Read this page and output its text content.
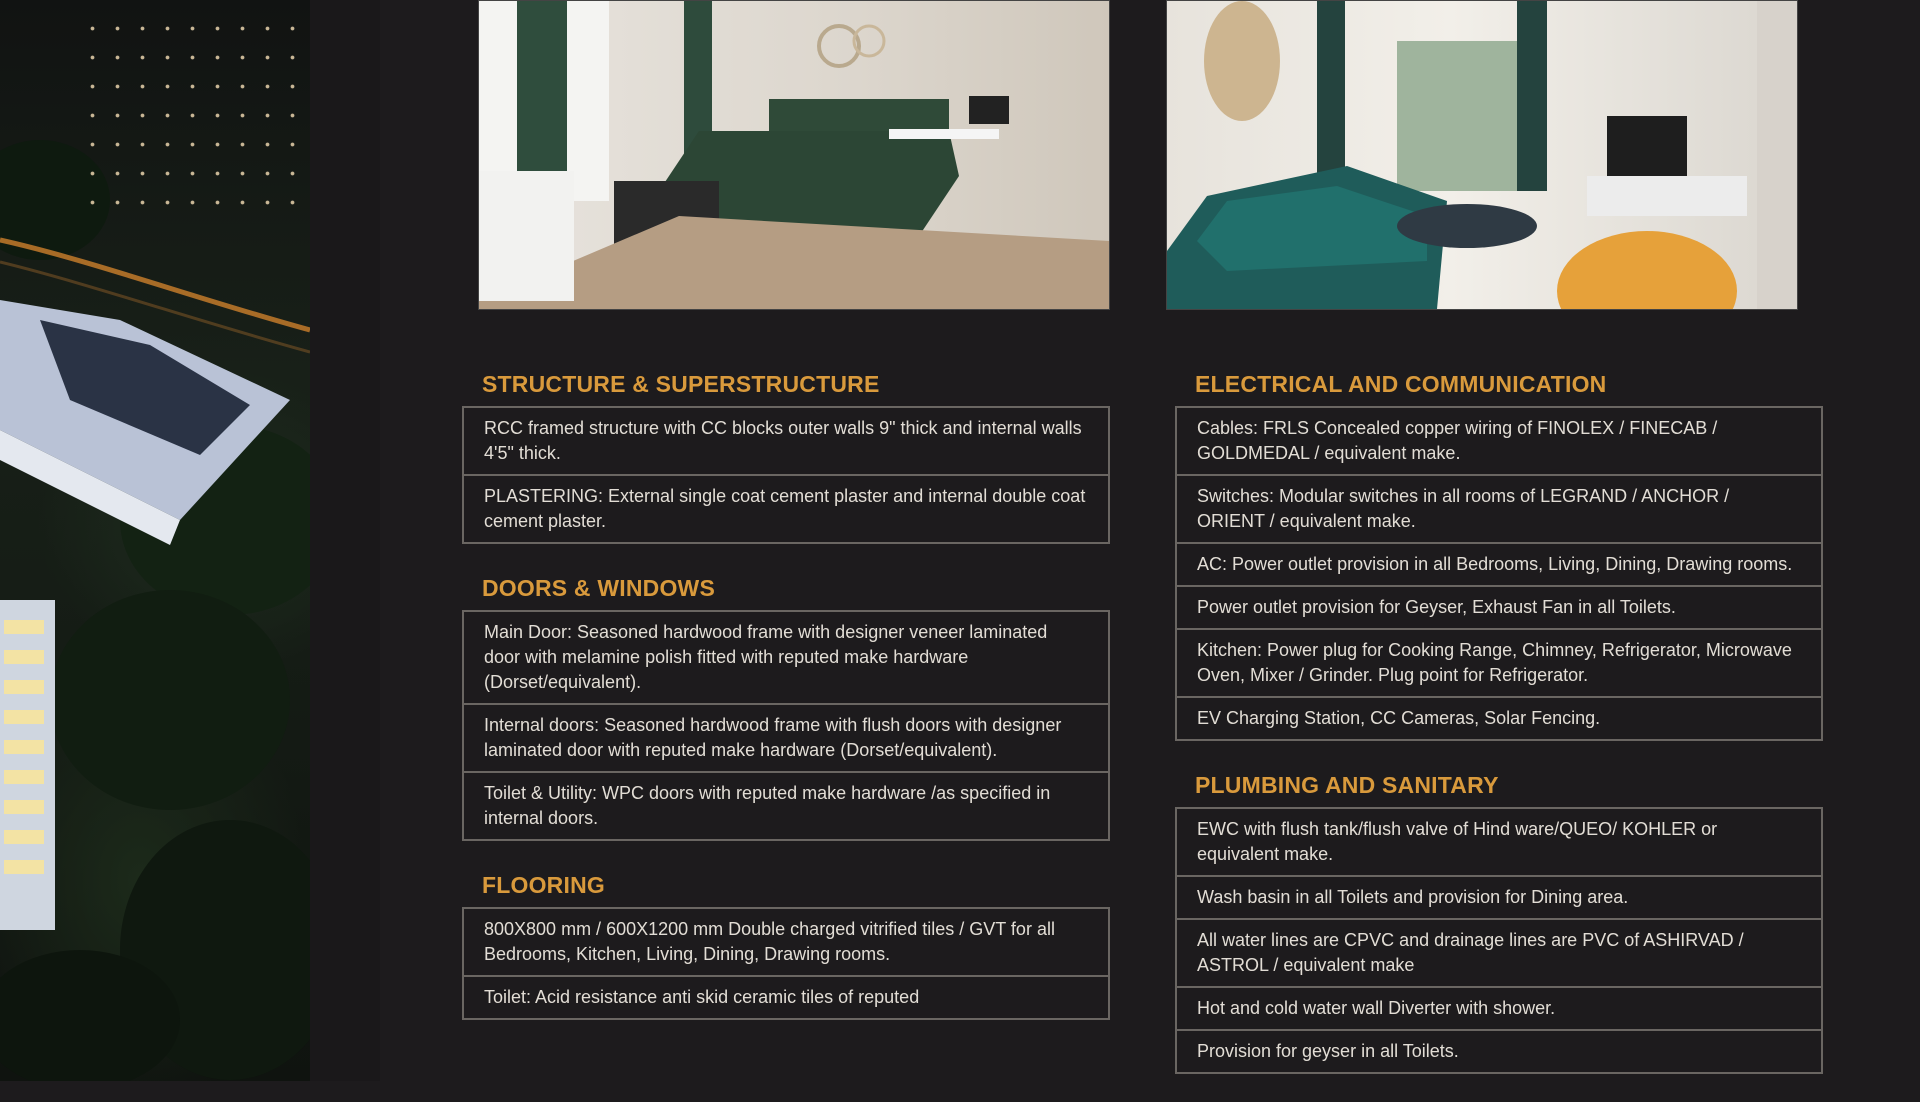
STRUCTURE & SUPERSTRUCTURE
RCC framed structure with CC blocks outer walls 9" thick and internal walls 4'5" thick.
PLASTERING: External single coat cement plaster and internal double coat cement plaster.
DOORS & WINDOWS
Main Door: Seasoned hardwood frame with designer veneer laminated door with melamine polish fitted with reputed make hardware (Dorset/equivalent).
Internal doors: Seasoned hardwood frame with flush doors with designer laminated door with reputed make hardware (Dorset/equivalent).
Toilet & Utility: WPC doors with reputed make hardware /as specified in internal doors.
FLOORING
800X800 mm / 600X1200 mm Double charged vitrified tiles / GVT for all Bedrooms, Kitchen, Living, Dining, Drawing rooms.
Toilet: Acid resistance anti skid ceramic tiles of reputed
ELECTRICAL AND COMMUNICATION
Cables: FRLS Concealed copper wiring of FINOLEX / FINECAB / GOLDMEDAL / equivalent make.
Switches: Modular switches in all rooms of LEGRAND / ANCHOR / ORIENT / equivalent make.
AC: Power outlet provision in all Bedrooms, Living, Dining, Drawing rooms.
Power outlet provision for Geyser, Exhaust Fan in all Toilets.
Kitchen: Power plug for Cooking Range, Chimney, Refrigerator, Microwave Oven, Mixer / Grinder. Plug point for Refrigerator.
EV Charging Station, CC Cameras, Solar Fencing.
PLUMBING AND SANITARY
EWC with flush tank/flush valve of Hind ware/QUEO/ KOHLER or equivalent make.
Wash basin in all Toilets and provision for Dining area.
All water lines are CPVC and drainage lines are PVC of ASHIRVAD / ASTROL / equivalent make
Hot and cold water wall Diverter with shower.
Provision for geyser in all Toilets.
